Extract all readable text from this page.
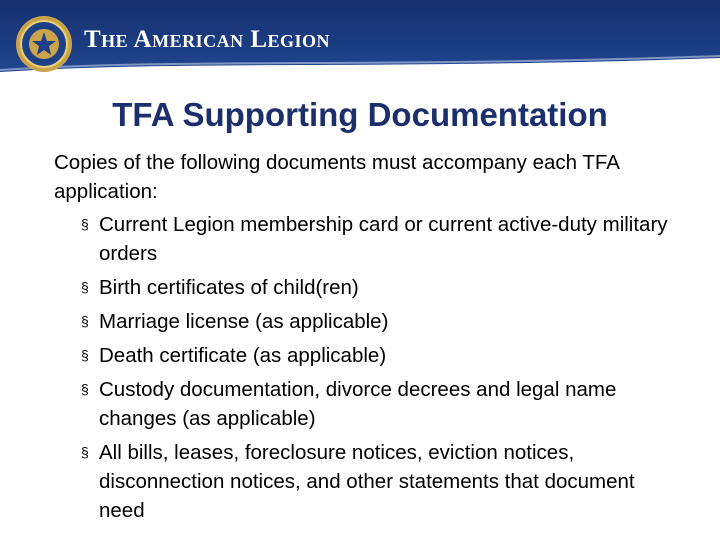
The American Legion
TFA Supporting Documentation

Copies of the following documents must accompany each TFA application:

§ Current Legion membership card or current active-duty military orders
§ Birth certificates of child(ren)
§ Marriage license (as applicable)
§ Death certificate (as applicable)
§ Custody documentation, divorce decrees and legal name changes (as applicable)
§ All bills, leases, foreclosure notices, eviction notices, disconnection notices, and other statements that document need
